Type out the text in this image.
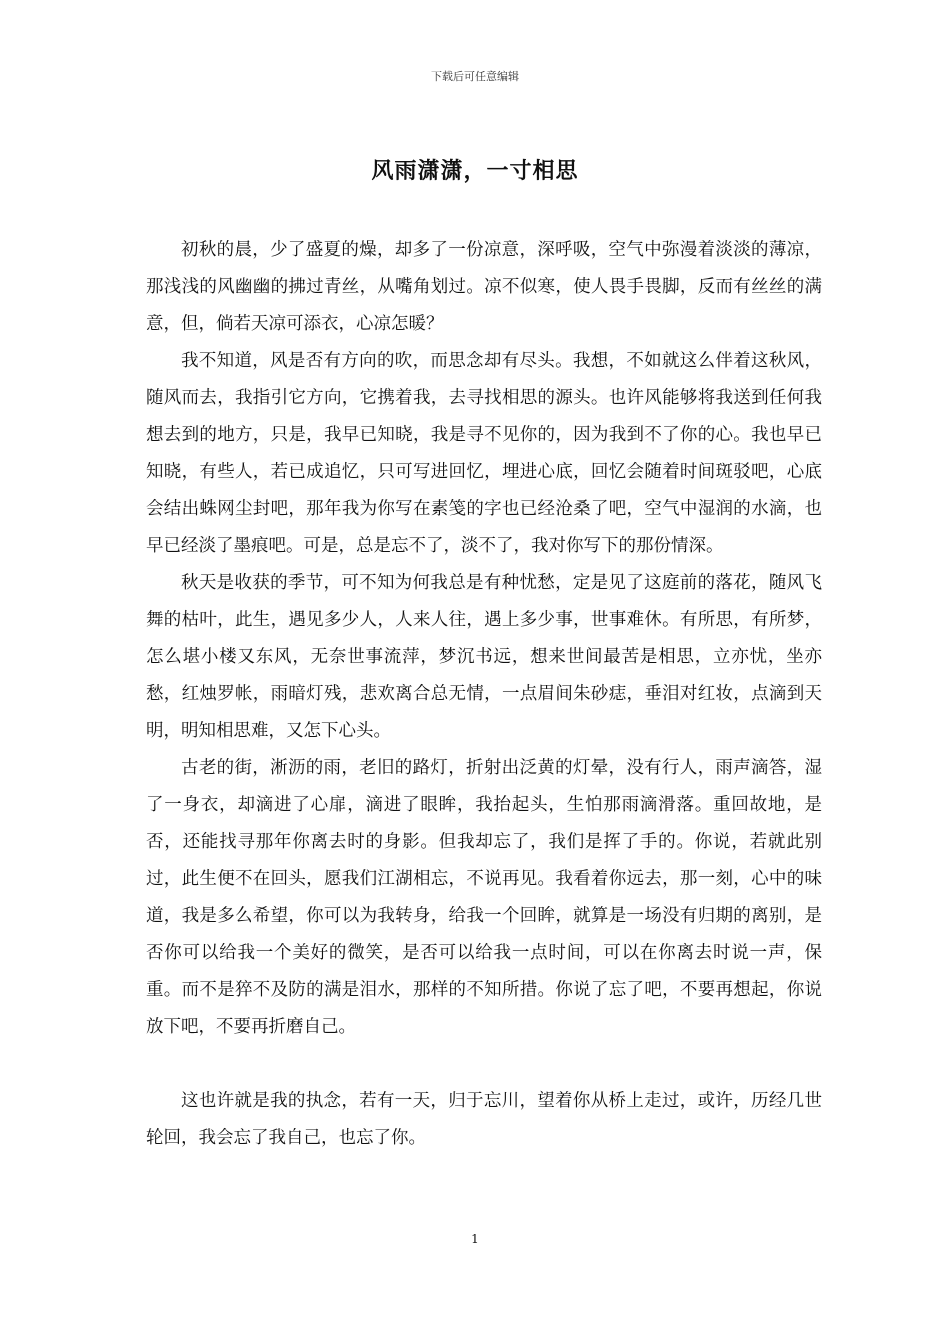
下载后可任意编辑
风雨潇潇，一寸相思

初秋的晨，少了盛夏的燥，却多了一份凉意，深呼吸，空气中弥漫着淡淡的薄凉，那浅浅的风幽幽的拂过青丝，从嘴角划过。凉不似寒，使人畏手畏脚，反而有丝丝的满意，但，倘若天凉可添衣，心凉怎暖？

我不知道，风是否有方向的吹，而思念却有尽头。我想，不如就这么伴着这秋风，随风而去，我指引它方向，它携着我，去寻找相思的源头。也许风能够将我送到任何我想去到的地方，只是，我早已知晓，我是寻不见你的，因为我到不了你的心。我也早已知晓，有些人，若已成追忆，只可写进回忆，埋进心底，回忆会随着时间斑驳吧，心底会结出蛛网尘封吧，那年我为你写在素笺的字也已经沧桑了吧，空气中湿润的水滴，也早已经淡了墨痕吧。可是，总是忘不了，淡不了，我对你写下的那份情深。

秋天是收获的季节，可不知为何我总是有种忧愁，定是见了这庭前的落花，随风飞舞的枯叶，此生，遇见多少人，人来人往，遇上多少事，世事难休。有所思，有所梦，怎么堪小楼又东风，无奈世事流萍，梦沉书远，想来世间最苦是相思，立亦忧，坐亦愁，红烛罗帐，雨暗灯残，悲欢离合总无情，一点眉间朱砂痣，垂泪对红妆，点滴到天明，明知相思难，又怎下心头。

古老的街，淅沥的雨，老旧的路灯，折射出泛黄的灯晕，没有行人，雨声滴答，湿了一身衣，却滴进了心扉，滴进了眼眸，我抬起头，生怕那雨滴滑落。重回故地，是否，还能找寻那年你离去时的身影。但我却忘了，我们是挥了手的。你说，若就此别过，此生便不在回头，愿我们江湖相忘，不说再见。我看着你远去，那一刻，心中的味道，我是多么希望，你可以为我转身，给我一个回眸，就算是一场没有归期的离别，是否你可以给我一个美好的微笑，是否可以给我一点时间，可以在你离去时说一声，保重。而不是猝不及防的满是泪水，那样的不知所措。你说了忘了吧，不要再想起，你说放下吧，不要再折磨自己。

这也许就是我的执念，若有一天，归于忘川，望着你从桥上走过，或许，历经几世轮回，我会忘了我自己，也忘了你。

1
